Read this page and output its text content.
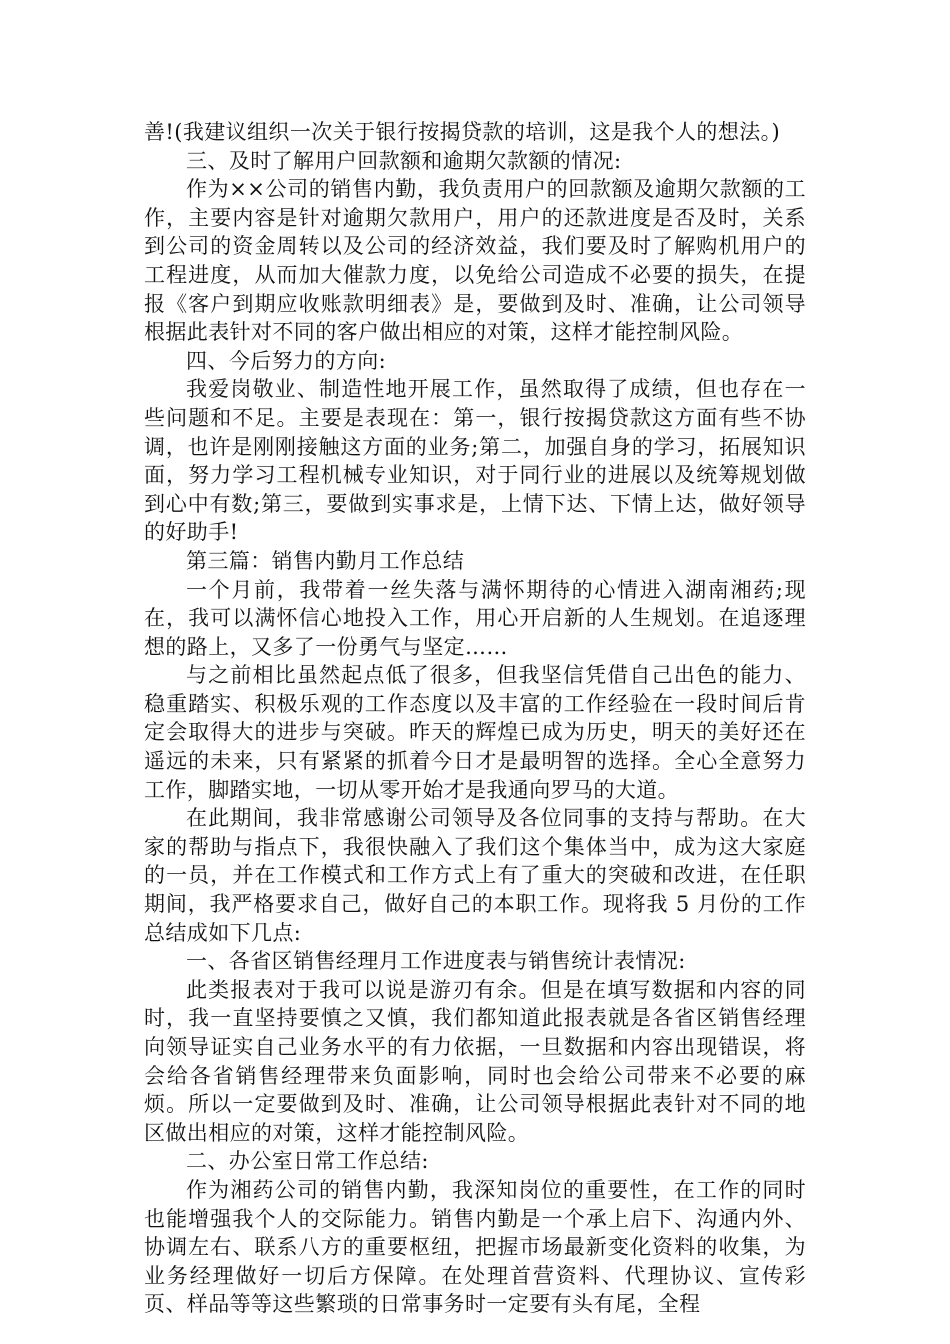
善!(我建议组织一次关于银行按揭贷款的培训，这是我个人的想法。)

三、及时了解用户回款额和逾期欠款额的情况:

作为××公司的销售内勤，我负责用户的回款额及逾期欠款额的工作，主要内容是针对逾期欠款用户，用户的还款进度是否及时，关系到公司的资金周转以及公司的经济效益，我们要及时了解购机用户的工程进度，从而加大催款力度，以免给公司造成不必要的损失，在提报《客户到期应收账款明细表》是，要做到及时、准确，让公司领导根据此表针对不同的客户做出相应的对策，这样才能控制风险。

四、今后努力的方向:

我爱岗敬业、制造性地开展工作，虽然取得了成绩，但也存在一些问题和不足。主要是表现在：第一，银行按揭贷款这方面有些不协调，也许是刚刚接触这方面的业务;第二，加强自身的学习，拓展知识面，努力学习工程机械专业知识，对于同行业的进展以及统筹规划做到心中有数;第三，要做到实事求是，上情下达、下情上达，做好领导的好助手!

第三篇：销售内勤月工作总结

一个月前，我带着一丝失落与满怀期待的心情进入湖南湘药;现在，我可以满怀信心地投入工作，用心开启新的人生规划。在追逐理想的路上，又多了一份勇气与坚定……

与之前相比虽然起点低了很多，但我坚信凭借自己出色的能力、稳重踏实、积极乐观的工作态度以及丰富的工作经验在一段时间后肯定会取得大的进步与突破。昨天的辉煌已成为历史，明天的美好还在遥远的未来，只有紧紧的抓着今日才是最明智的选择。全心全意努力工作，脚踏实地，一切从零开始才是我通向罗马的大道。

在此期间，我非常感谢公司领导及各位同事的支持与帮助。在大家的帮助与指点下，我很快融入了我们这个集体当中，成为这大家庭的一员，并在工作模式和工作方式上有了重大的突破和改进，在任职期间，我严格要求自己，做好自己的本职工作。现将我 5 月份的工作总结成如下几点:

一、各省区销售经理月工作进度表与销售统计表情况:

此类报表对于我可以说是游刃有余。但是在填写数据和内容的同时，我一直坚持要慎之又慎，我们都知道此报表就是各省区销售经理向领导证实自己业务水平的有力依据，一旦数据和内容出现错误，将会给各省销售经理带来负面影响，同时也会给公司带来不必要的麻烦。所以一定要做到及时、准确，让公司领导根据此表针对不同的地区做出相应的对策，这样才能控制风险。

二、办公室日常工作总结:

作为湘药公司的销售内勤，我深知岗位的重要性，在工作的同时也能增强我个人的交际能力。销售内勤是一个承上启下、沟通内外、协调左右、联系八方的重要枢纽，把握市场最新变化资料的收集，为业务经理做好一切后方保障。在处理首营资料、代理协议、宣传彩页、样品等等这些繁琐的日常事务时一定要有头有尾，全程
